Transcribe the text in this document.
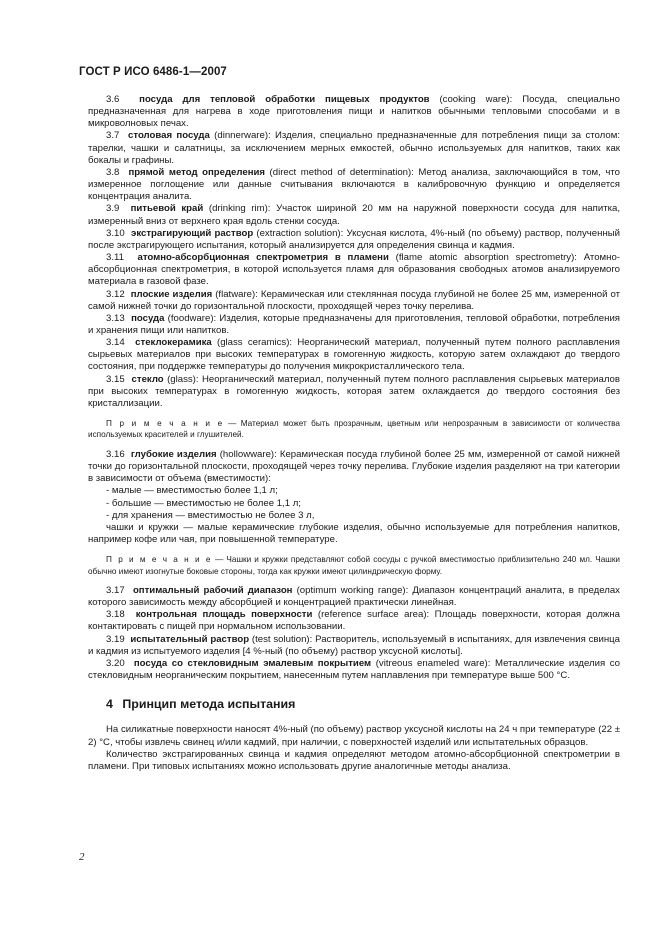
ГОСТ Р ИСО 6486-1—2007

3.6 посуда для тепловой обработки пищевых продуктов (cooking ware): Посуда, специально предназначенная для нагрева в ходе приготовления пищи и напитков обычными тепловыми способами и в микроволновых печах.

3.7 столовая посуда (dinnerware): Изделия, специально предназначенные для потребления пищи за столом: тарелки, чашки и салатницы, за исключением мерных емкостей, обычно используемых для напитков, таких как бокалы и графины.

3.8 прямой метод определения (direct method of determination): Метод анализа, заключающийся в том, что измеренное поглощение или данные считывания включаются в калибровочную функцию и определяется концентрация аналита.

3.9 питьевой край (drinking rim): Участок шириной 20 мм на наружной поверхности сосуда для напитка, измеренный вниз от верхнего края вдоль стенки сосуда.

3.10 экстрагирующий раствор (extraction solution): Уксусная кислота, 4%-ный (по объему) раствор, полученный после экстрагирующего испытания, который анализируется для определения свинца и кадмия.

3.11 атомно-абсорбционная спектрометрия в пламени (flame atomic absorption spectrometry): Атомно-абсорбционная спектрометрия, в которой используется пламя для образования свободных атомов анализируемого материала в газовой фазе.

3.12 плоские изделия (flatware): Керамическая или стеклянная посуда глубиной не более 25 мм, измеренной от самой нижней точки до горизонтальной плоскости, проходящей через точку перелива.

3.13 посуда (foodware): Изделия, которые предназначены для приготовления, тепловой обработки, потребления и хранения пищи или напитков.

3.14 стеклокерамика (glass ceramics): Неорганический материал, полученный путем полного расплавления сырьевых материалов при высоких температурах в гомогенную жидкость, которую затем охлаждают до твердого состояния, при поддержке температуры до получения микрокристаллического тела.

3.15 стекло (glass): Неорганический материал, полученный путем полного расплавления сырьевых материалов при высоких температурах в гомогенную жидкость, которая затем охлаждается до твердого состояния без кристаллизации.

П р и м е ч а н и е — Материал может быть прозрачным, цветным или непрозрачным в зависимости от количества используемых красителей и глушителей.

3.16 глубокие изделия (hollowware): Керамическая посуда глубиной более 25 мм, измеренной от самой нижней точки до горизонтальной плоскости, проходящей через точку перелива. Глубокие изделия разделяют на три категории в зависимости от объема (вместимости):

- малые — вместимостью более 1,1 л;

- большие — вместимостью не более 1,1 л;

- для хранения — вместимостью не более 3 л,

чашки и кружки — малые керамические глубокие изделия, обычно используемые для потребления напитков, например кофе или чая, при повышенной температуре.

П р и м е ч а н и е — Чашки и кружки представляют собой сосуды с ручкой вместимостью приблизительно 240 мл. Чашки обычно имеют изогнутые боковые стороны, тогда как кружки имеют цилиндрическую форму.

3.17 оптимальный рабочий диапазон (optimum working range): Диапазон концентраций аналита, в пределах которого зависимость между абсорбцией и концентрацией практически линейная.

3.18 контрольная площадь поверхности (reference surface area): Площадь поверхности, которая должна контактировать с пищей при нормальном использовании.

3.19 испытательный раствор (test solution): Растворитель, используемый в испытаниях, для извлечения свинца и кадмия из испытуемого изделия [4 %-ный (по объему) раствор уксусной кислоты].

3.20 посуда со стекловидным эмалевым покрытием (vitreous enameled ware): Металлические изделия со стекловидным неорганическим покрытием, нанесенным путем наплавления при температуре выше 500 °С.

4 Принцип метода испытания

На силикатные поверхности наносят 4%-ный (по объему) раствор уксусной кислоты на 24 ч при температуре (22 ± 2) °С, чтобы извлечь свинец и/или кадмий, при наличии, с поверхностей изделий или испытательных образцов.

Количество экстрагированных свинца и кадмия определяют методом атомно-абсорбционной спектрометрии в пламени. При типовых испытаниях можно использовать другие аналогичные методы анализа.

2
